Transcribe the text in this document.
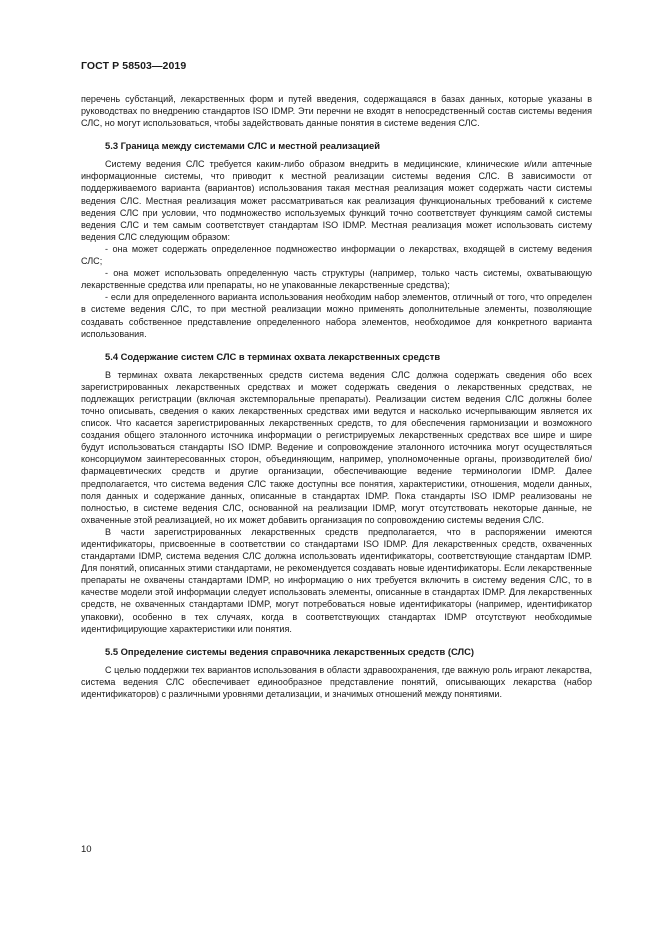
ГОСТ Р 58503—2019

перечень субстанций, лекарственных форм и путей введения, содержащаяся в базах данных, которые указаны в руководствах по внедрению стандартов ISO IDMP. Эти перечни не входят в непосредственный состав системы ведения СЛС, но могут использоваться, чтобы задействовать данные понятия в системе ведения СЛС.

5.3 Граница между системами СЛС и местной реализацией

Систему ведения СЛС требуется каким-либо образом внедрить в медицинские, клинические и/или аптечные информационные системы, что приводит к местной реализации системы ведения СЛС. В зависимости от поддерживаемого варианта (вариантов) использования такая местная реализация может содержать части системы ведения СЛС. Местная реализация может рассматриваться как реализация функциональных требований к системе ведения СЛС при условии, что подмножество используемых функций точно соответствует функциям самой системы ведения СЛС и тем самым соответствует стандартам ISO IDMP. Местная реализация может использовать систему ведения СЛС следующим образом:

- она может содержать определенное подмножество информации о лекарствах, входящей в систему ведения СЛС;

- она может использовать определенную часть структуры (например, только часть системы, охватывающую лекарственные средства или препараты, но не упакованные лекарственные средства);

- если для определенного варианта использования необходим набор элементов, отличный от того, что определен в системе ведения СЛС, то при местной реализации можно применять дополнительные элементы, позволяющие создавать собственное представление определенного набора элементов, необходимое для конкретного варианта использования.

5.4 Содержание систем СЛС в терминах охвата лекарственных средств

В терминах охвата лекарственных средств система ведения СЛС должна содержать сведения обо всех зарегистрированных лекарственных средствах и может содержать сведения о лекарственных средствах, не подлежащих регистрации (включая экстемпоральные препараты). Реализации систем ведения СЛС должны более точно описывать, сведения о каких лекарственных средствах ими ведутся и насколько исчерпывающим является их список. Что касается зарегистрированных лекарственных средств, то для обеспечения гармонизации и возможного создания общего эталонного источника информации о регистрируемых лекарственных средствах все шире и шире будут использоваться стандарты ISO IDMP. Ведение и сопровождение эталонного источника могут осуществляться консорциумом заинтересованных сторон, объединяющим, например, уполномоченные органы, производителей био/фармацевтических средств и другие организации, обеспечивающие ведение терминологии IDMP. Далее предполагается, что система ведения СЛС также доступны все понятия, характеристики, отношения, модели данных, поля данных и содержание данных, описанные в стандартах IDMP. Пока стандарты ISO IDMP реализованы не полностью, в системе ведения СЛС, основанной на реализации IDMP, могут отсутствовать некоторые данные, не охваченные этой реализацией, но их может добавить организация по сопровождению системы ведения СЛС.

В части зарегистрированных лекарственных средств предполагается, что в распоряжении имеются идентификаторы, присвоенные в соответствии со стандартами ISO IDMP. Для лекарственных средств, охваченных стандартами IDMP, система ведения СЛС должна использовать идентификаторы, соответствующие стандартам IDMP. Для понятий, описанных этими стандартами, не рекомендуется создавать новые идентификаторы. Если лекарственные препараты не охвачены стандартами IDMP, но информацию о них требуется включить в систему ведения СЛС, то в качестве модели этой информации следует использовать элементы, описанные в стандартах IDMP. Для лекарственных средств, не охваченных стандартами IDMP, могут потребоваться новые идентификаторы (например, идентификатор упаковки), особенно в тех случаях, когда в соответствующих стандартах IDMP отсутствуют необходимые идентифицирующие характеристики или понятия.

5.5 Определение системы ведения справочника лекарственных средств (СЛС)

С целью поддержки тех вариантов использования в области здравоохранения, где важную роль играют лекарства, система ведения СЛС обеспечивает единообразное представление понятий, описывающих лекарства (набор идентификаторов) с различными уровнями детализации, и значимых отношений между понятиями.

10
